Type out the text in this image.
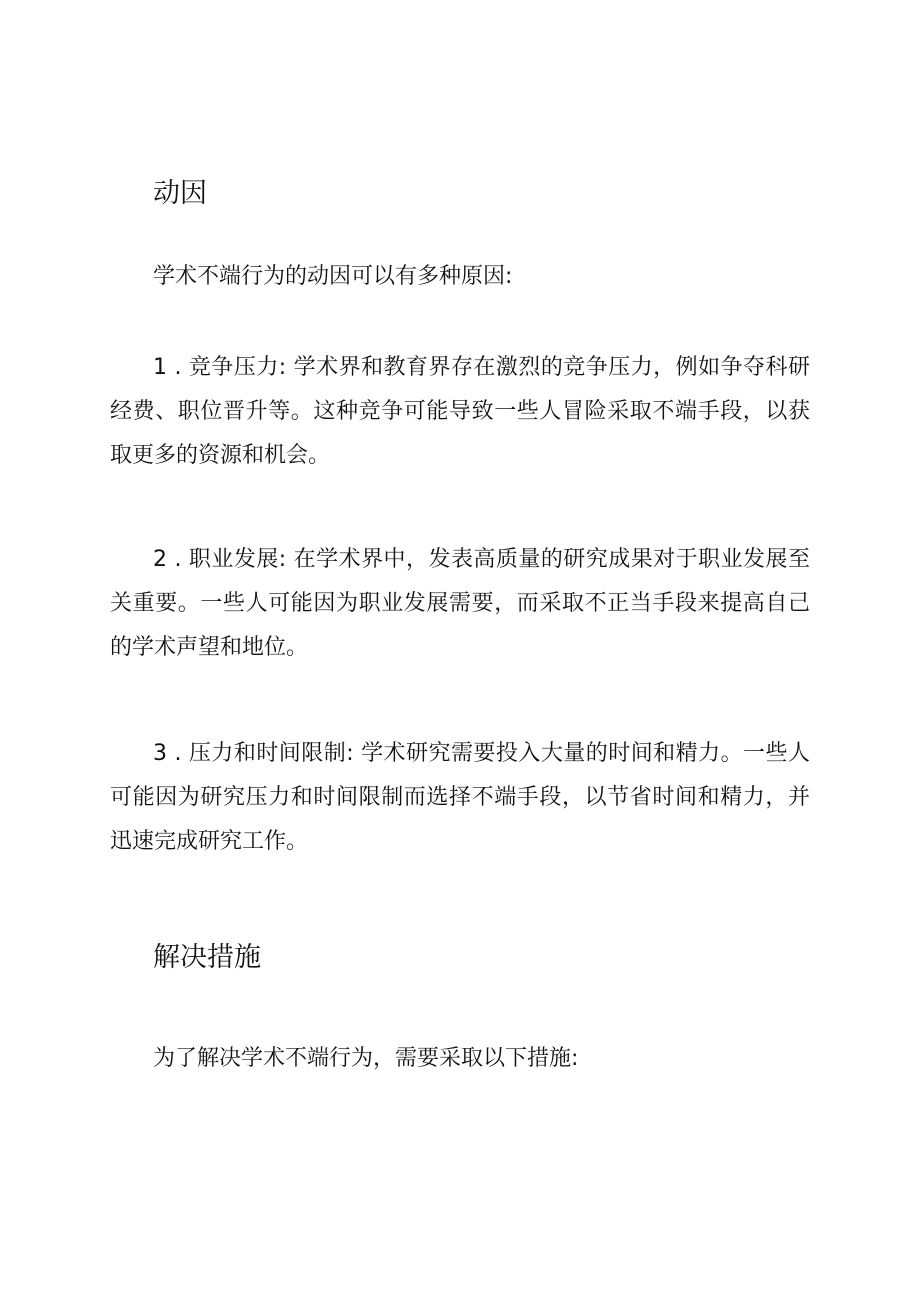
动因

学术不端行为的动因可以有多种原因:

1 . 竞争压力: 学术界和教育界存在激烈的竞争压力，例如争夺科研经费、职位晋升等。这种竞争可能导致一些人冒险采取不端手段，以获取更多的资源和机会。

2 . 职业发展: 在学术界中，发表高质量的研究成果对于职业发展至关重要。一些人可能因为职业发展需要，而采取不正当手段来提高自己的学术声望和地位。

3 . 压力和时间限制: 学术研究需要投入大量的时间和精力。一些人可能因为研究压力和时间限制而选择不端手段，以节省时间和精力，并迅速完成研究工作。

解决措施

为了解决学术不端行为，需要采取以下措施:
